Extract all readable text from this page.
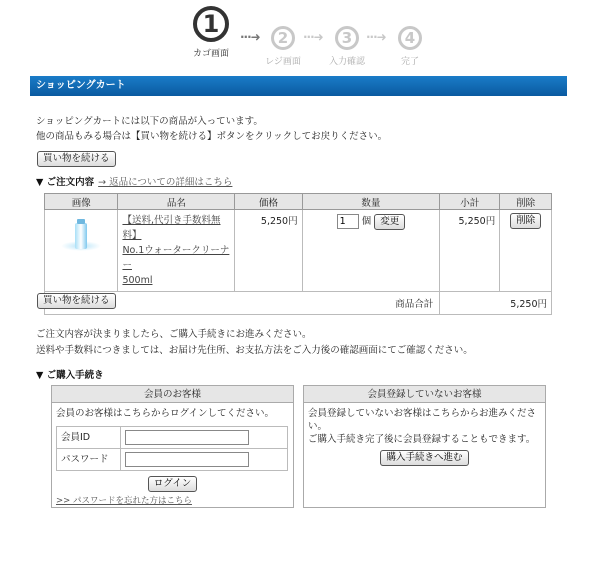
1
カゴ画面
···➜	2
レジ画面
···➜	3
入力確認
···➜	4
完了
ショッピングカート
ショッピングカートには以下の商品が入っています。
他の商品もみる場合は【買い物を続ける】ボタンをクリックしてお戻りください。
買い物を続ける
▼ ご注文内容 → 返品についての詳細はこちら
画像	品名	価格	数量	小計	削除

	【送料,代引き手数料無料】
No.1ウォータークリーナー
500ml	5,250円	1個 変更	5,250円	削除
商品合計				5,250円	
買い物を続ける
ご注文内容が決まりましたら、ご購入手続きにお進みください。
送料や手数料につきましては、お届け先住所、お支払方法をご入力後の確認画面にてご確認ください。
▼ ご購入手続き
会員のお客様
会員のお客様はこちらからログインしてください。
会員ID	
パスワード	
ログイン
>> パスワードを忘れた方はこちら
会員登録していないお客様
会員登録していないお客様はこちらからお進みくださ
い。
ご購入手続き完了後に会員登録することもできます。
購入手続きへ進む
